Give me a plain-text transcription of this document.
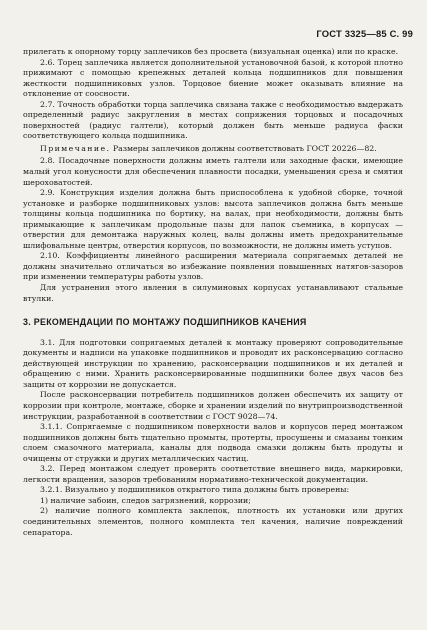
ГОСТ 3325—85 С. 99

прилегать к опорному торцу заплечиков без просвета (визуальная оценка) или по краске.

2.6. Торец заплечика является дополнительной установочной базой, к которой плотно прижимают с помощью крепежных деталей кольца подшипников для повышения жесткости подшипниковых узлов. Торцовое биение может оказывать влияние на отклонение от соосности.

2.7. Точность обработки торца заплечика связана также с необходимостью выдержать определенный радиус закругления в местах сопряжения торцовых и посадочных поверхностей (радиус галтели), который должен быть меньше радиуса фаски соответствующего кольца подшипника.

Примечание. Размеры заплечиков должны соответствовать ГОСТ 20226—82.

2.8. Посадочные поверхности должны иметь галтели или заходные фаски, имеющие малый угол конусности для обеспечения плавности посадки, уменьшения среза и смятия шероховатостей.

2.9. Конструкция изделия должна быть приспособлена к удобной сборке, точной установке и разборке подшипниковых узлов: высота заплечиков должна быть меньше толщины кольца подшипника по бортику, на валах, при необходимости, должны быть примыкающие к заплечикам продольные пазы для лапок съемника, в корпусах — отверстия для демонтажа наружных колец, валы должны иметь предохранительные шлифовальные центры, отверстия корпусов, по возможности, не должны иметь уступов.

2.10. Коэффициенты линейного расширения материала сопрягаемых деталей не должны значительно отличаться во избежание появления повышенных натягов-зазоров при изменении температуры работы узлов.

Для устранения этого явления в силуминовых корпусах устанавливают стальные втулки.

3. РЕКОМЕНДАЦИИ ПО МОНТАЖУ ПОДШИПНИКОВ КАЧЕНИЯ

3.1. Для подготовки сопрягаемых деталей к монтажу проверяют сопроводительные документы и надписи на упаковке подшипников и проводят их расконсервацию согласно действующей инструкции по хранению, расконсервации подшипников и их деталей и обращению с ними. Хранить расконсервированные подшипники более двух часов без защиты от коррозии не допускается.

После расконсервации потребитель подшипников должен обеспечить их защиту от коррозии при контроле, монтаже, сборке и хранении изделий по внутрипроизводственной инструкции, разработанной в соответствии с ГОСТ 9028—74.

3.1.1. Сопрягаемые с подшипником поверхности валов и корпусов перед монтажом подшипников должны быть тщательно промыты, протерты, просушены и смазаны тонким слоем смазочного материала, каналы для подвода смазки должны быть продуты и очищены от стружки и других металлических частиц.

3.2. Перед монтажом следует проверять соответствие внешнего вида, маркировки, легкости вращения, зазоров требованиям нормативно-технической документации.

3.2.1. Визуально у подшипников открытого типа должны быть проверены:

1) наличие забоин, следов загрязнений, коррозии;

2) наличие полного комплекта заклепок, плотность их установки или других соединительных элементов, полного комплекта тел качения, наличие повреждений сепаратора.
